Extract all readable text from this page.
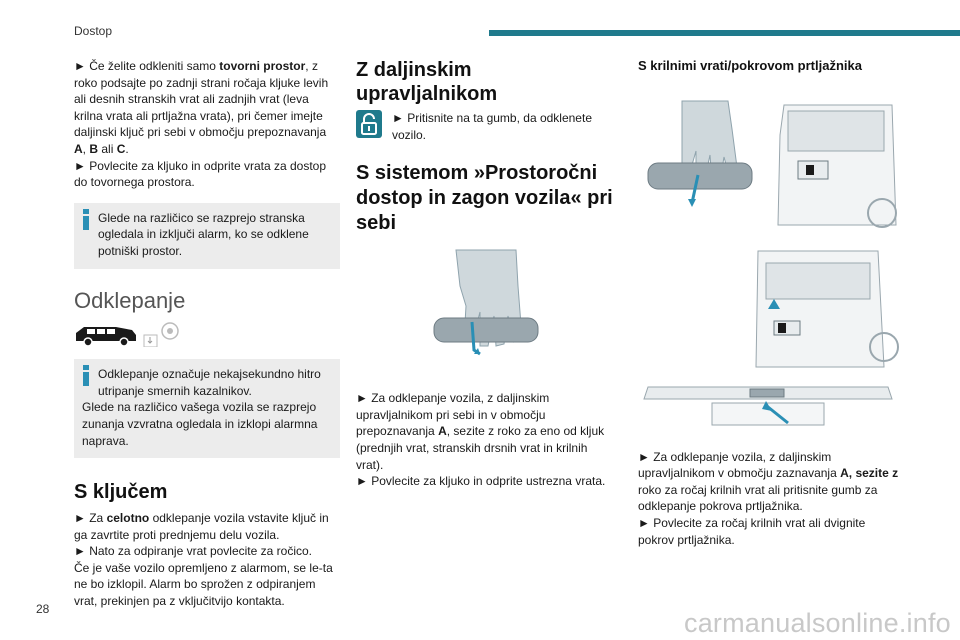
Dostop

► Če želite odkleniti samo tovorni prostor, z roko podsajte po zadnji strani ročaja kljuke levih ali desnih stranskih vrat ali zadnjih vrat (leva krilna vrata ali prtljažna vrata), pri čemer imejte daljinski ključ pri sebi v območju prepoznavanja
A, B ali C.

► Povlecite za kljuko in odprite vrata za dostop do tovornega prostora.

Glede na različico se razprejo stranska ogledala in izključi alarm, ko se odklene potniški prostor.

Odklepanje

Odklepanje označuje nekajsekundno hitro utripanje smernih kazalnikov.

Glede na različico vašega vozila se razprejo zunanja vzvratna ogledala in izklopi alarmna naprava.

S ključem

► Za celotno odklepanje vozila vstavite ključ in ga zavrtite proti prednjemu delu vozila.

► Nato za odpiranje vrat povlecite za ročico.

Če je vaše vozilo opremljeno z alarmom, se le-ta ne bo izklopil. Alarm bo sprožen z odpiranjem vrat, prekinjen pa z vključitvijo kontakta.

Z daljinskim upravljalnikom

► Pritisnite na ta gumb, da odklenete vozilo.

S sistemom »Prostoročni dostop in zagon vozila« pri sebi

► Za odklepanje vozila, z daljinskim upravljalnikom pri sebi in v območju prepoznavanja A, sezite z roko za eno od kljuk (prednjih vrat, stranskih drsnih vrat in krilnih vrat).

► Povlecite za kljuko in odprite ustrezna vrata.

S krilnimi vrati/pokrovom prtljažnika

► Za odklepanje vozila, z daljinskim upravljalnikom v območju zaznavanja A, sezite z roko za ročaj krilnih vrat ali pritisnite gumb za odklepanje pokrova prtljažnika.

► Povlecite za ročaj krilnih vrat ali dvignite pokrov prtljažnika.

28	carmanualsonline.info
